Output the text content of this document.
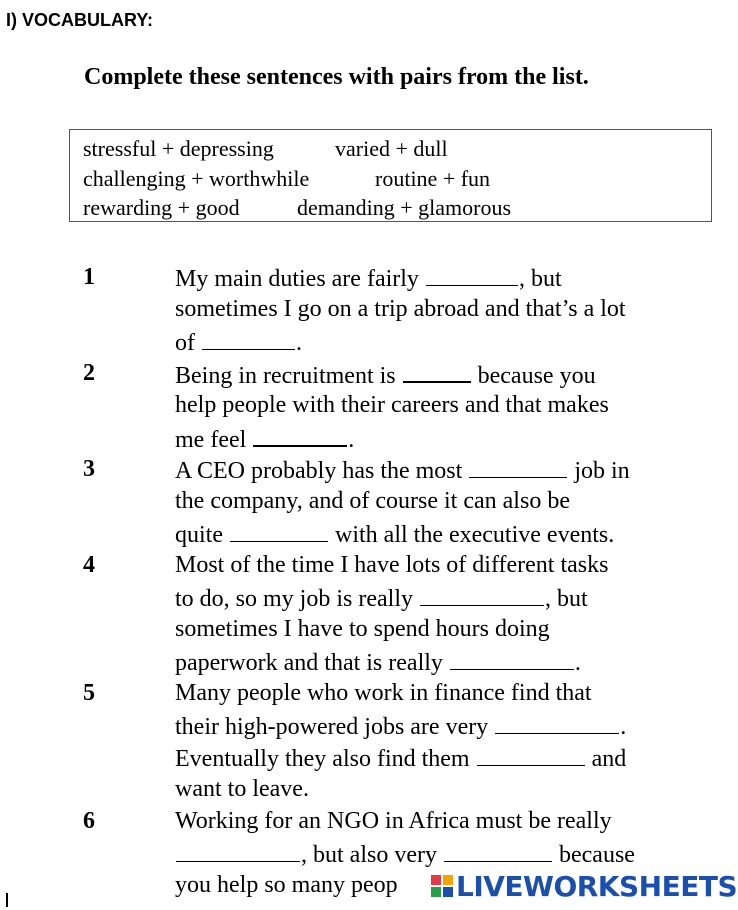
I) VOCABULARY:
Complete these sentences with pairs from the list.
stressful + depressing	varied + dull
challenging + worthwhile	routine + fun
rewarding + good	demanding + glamorous
1	My main duties are fairly	, but
sometimes I go on a trip abroad and that’s a lot
of	.
2	Being in recruitment is	because you
help people with their careers and that makes
me feel	.
3	A CEO probably has the most	job in
the company, and of course it can also be
quite	with all the executive events.
4	Most of the time I have lots of different tasks
to do, so my job is really	, but
sometimes I have to spend hours doing
paperwork and that is really	.
5	Many people who work in finance find that
their high-powered jobs are very	.
Eventually they also find them	and
want to leave.
6	Working for an NGO in Africa must be really
, but also very	because
you help so many peop LIVEWORKSHEETS
